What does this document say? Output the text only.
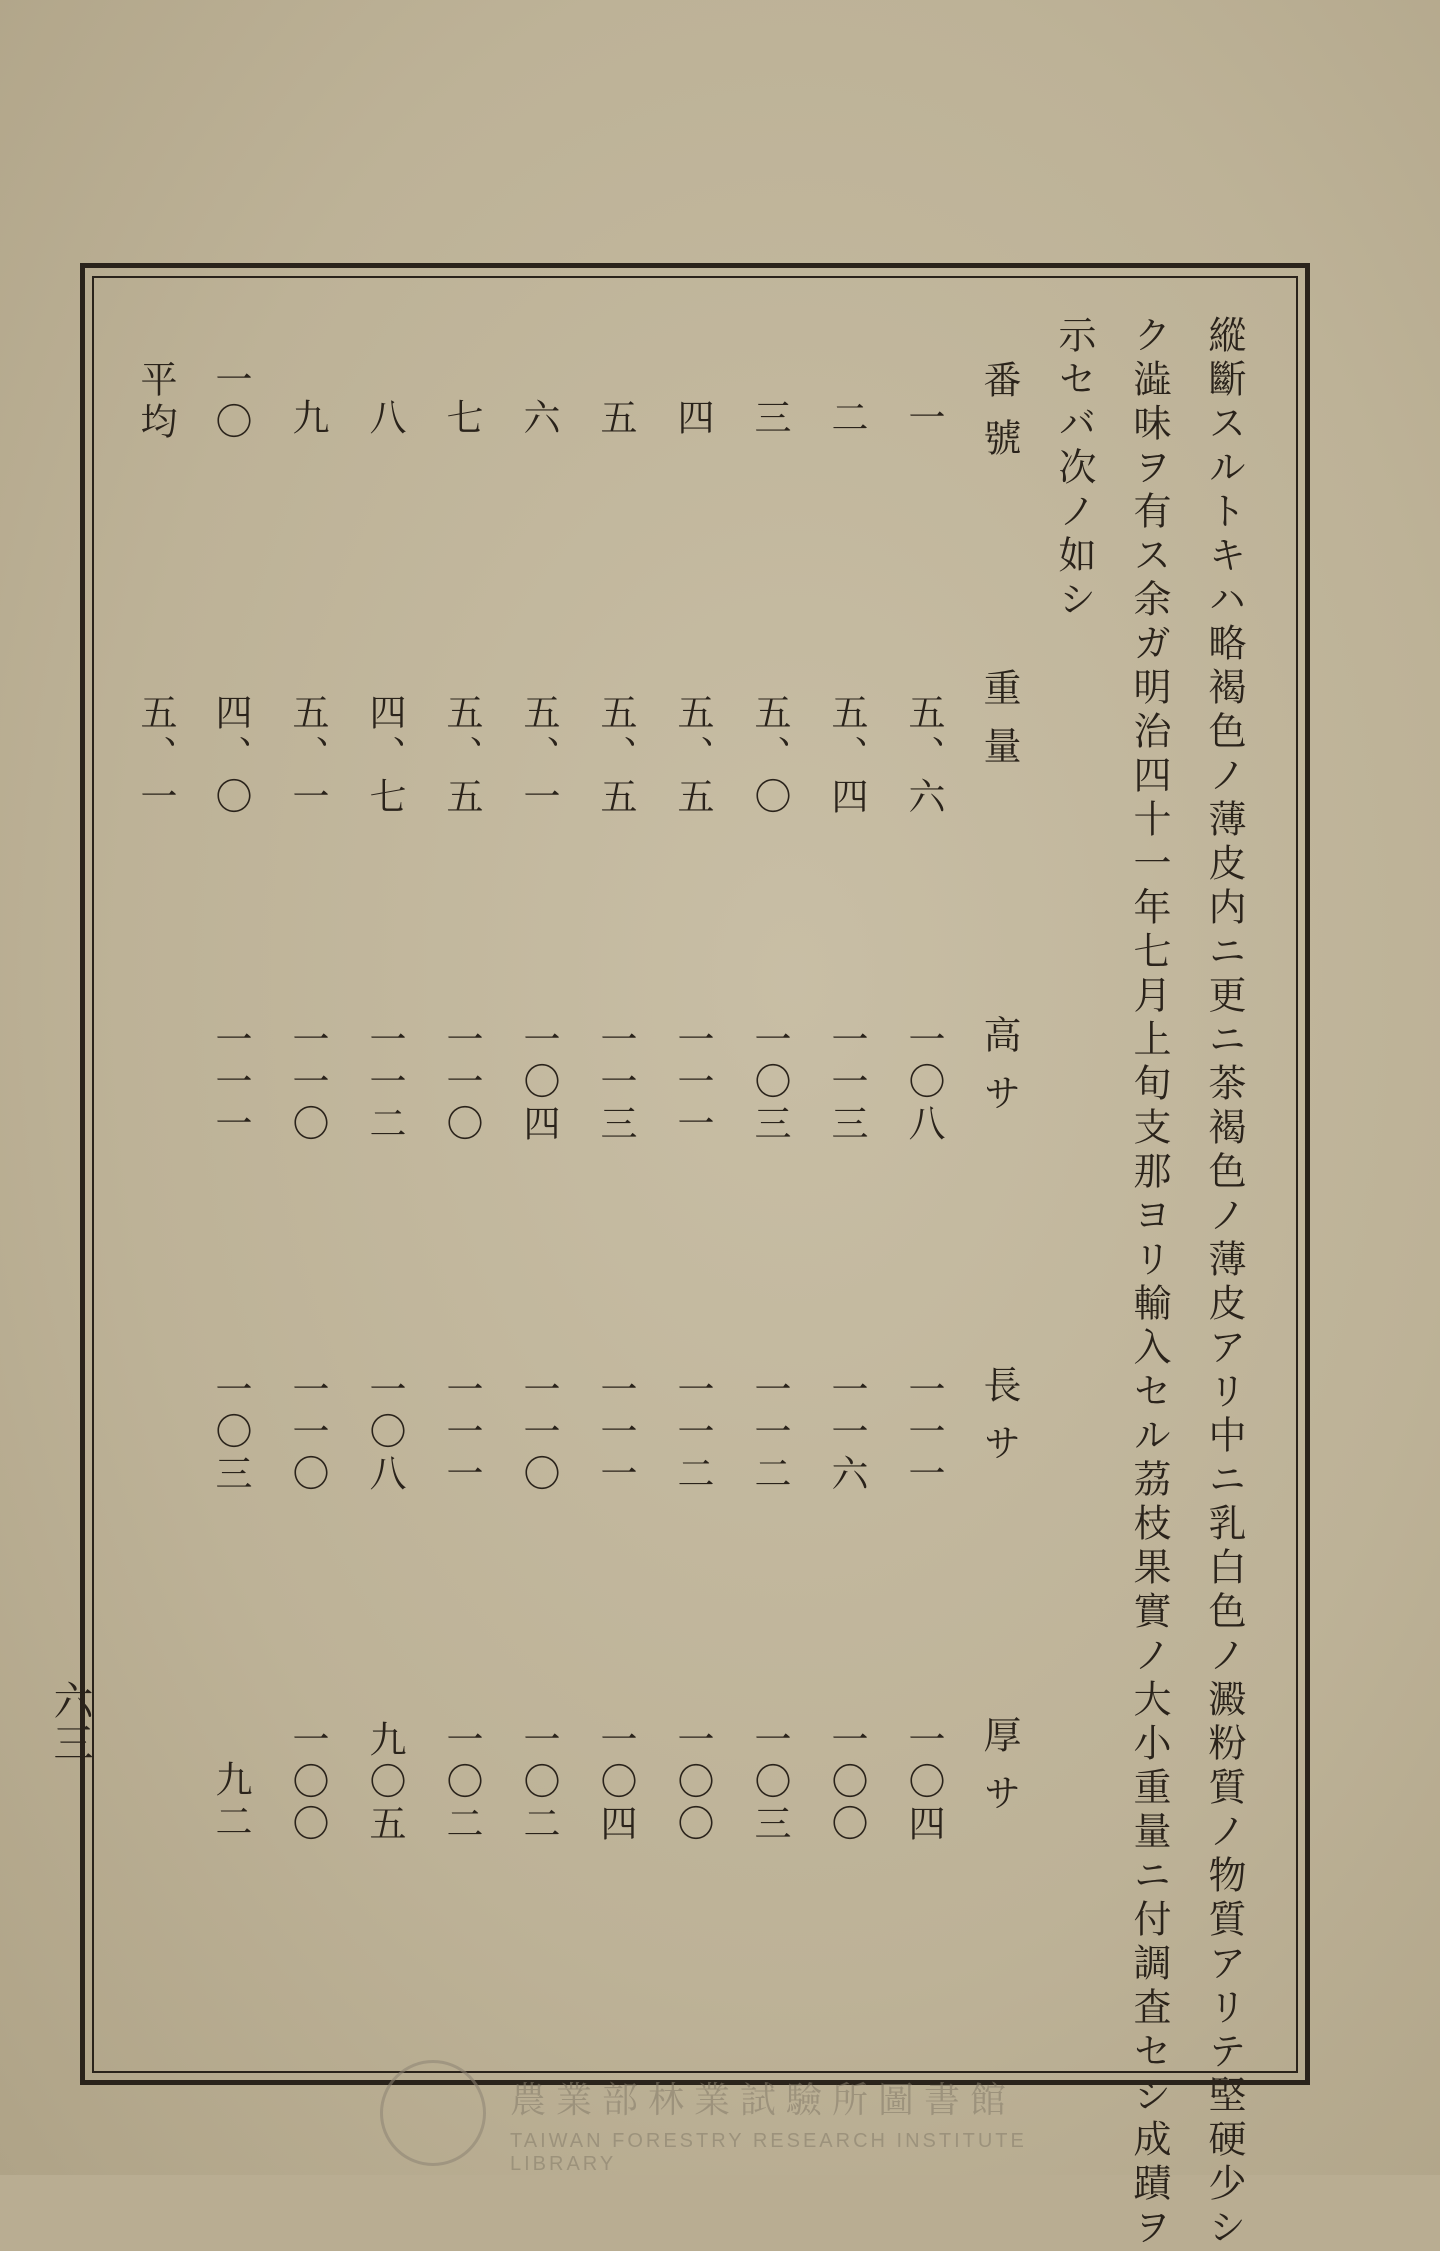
縱斷スルトキハ略褐色ノ薄皮内ニ更ニ茶褐色ノ薄皮アリ中ニ乳白色ノ澱粉質ノ物質アリテ堅硬少シ
ク澁味ヲ有ス余ガ明治四十一年七月上旬支那ヨリ輸入セル茘枝果實ノ大小重量ニ付調査セシ成蹟ヲ
示セバ次ノ如シ
番號
重量
高サ
長サ
厚サ
一
五、六
一〇八
一一一
一〇四
二
五、四
一一三
一一六
一〇〇
三
五、〇
一〇三
一一二
一〇三
四
五、五
一一一
一一二
一〇〇
五
五、五
一一三
一一一
一〇四
六
五、一
一〇四
一一〇
一〇二
七
五、五
一一〇
一一一
一〇二
八
四、七
一一二
一〇八
九〇五
九
五、一
一一〇
一一〇
一〇〇
一〇
四、〇
一一一
一〇三
九二
平均
五、一
六三
農業部林業試驗所圖書館
TAIWAN FORESTRY RESEARCH INSTITUTE LIBRARY
